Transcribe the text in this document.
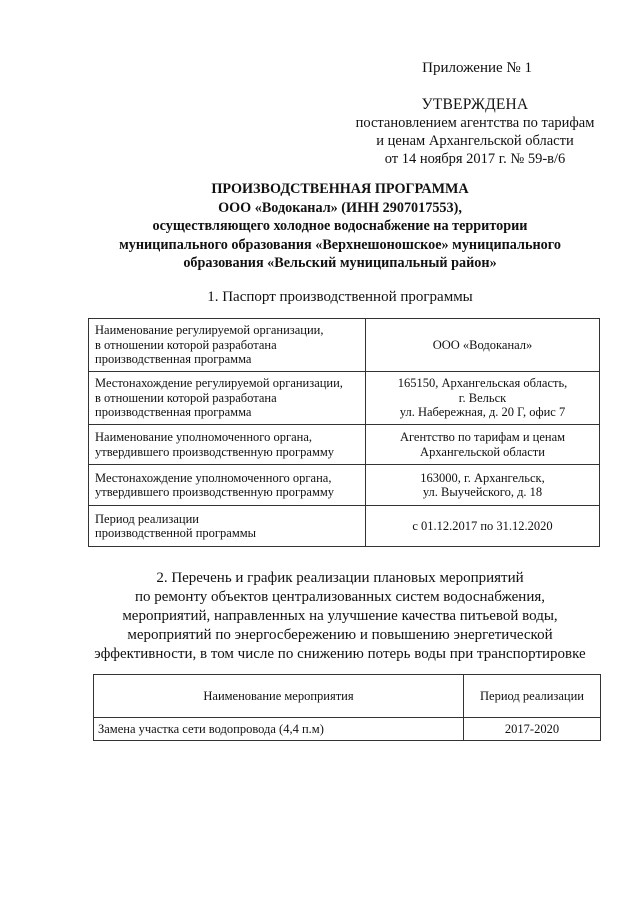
Приложение № 1
УТВЕРЖДЕНА
постановлением агентства по тарифам
и ценам Архангельской области
от 14 ноября 2017 г. № 59-в/6
ПРОИЗВОДСТВЕННАЯ ПРОГРАММА
ООО «Водоканал» (ИНН 2907017553),
осуществляющего холодное водоснабжение на территории
муниципального образования «Верхнешоношское» муниципального
образования «Вельский муниципальный район»
1. Паспорт производственной программы
Наименование регулируемой организации,
в отношении которой разработана
производственная программа	ООО «Водоканал»
Местонахождение регулируемой организации,
в отношении которой разработана
производственная программа	165150, Архангельская область,
г. Вельск
ул. Набережная, д. 20 Г, офис 7
Наименование уполномоченного органа,
утвердившего производственную программу	Агентство по тарифам и ценам
Архангельской области
Местонахождение уполномоченного органа,
утвердившего производственную программу	163000, г. Архангельск,
ул. Выучейского, д. 18
Период реализации
производственной программы	с 01.12.2017 по 31.12.2020
2. Перечень и график реализации плановых мероприятий
по ремонту объектов централизованных систем водоснабжения,
мероприятий, направленных на улучшение качества питьевой воды,
мероприятий по энергосбережению и повышению энергетической
эффективности, в том числе по снижению потерь воды при транспортировке
Наименование мероприятия	Период реализации
Замена участка сети водопровода (4,4 п.м)	2017-2020
